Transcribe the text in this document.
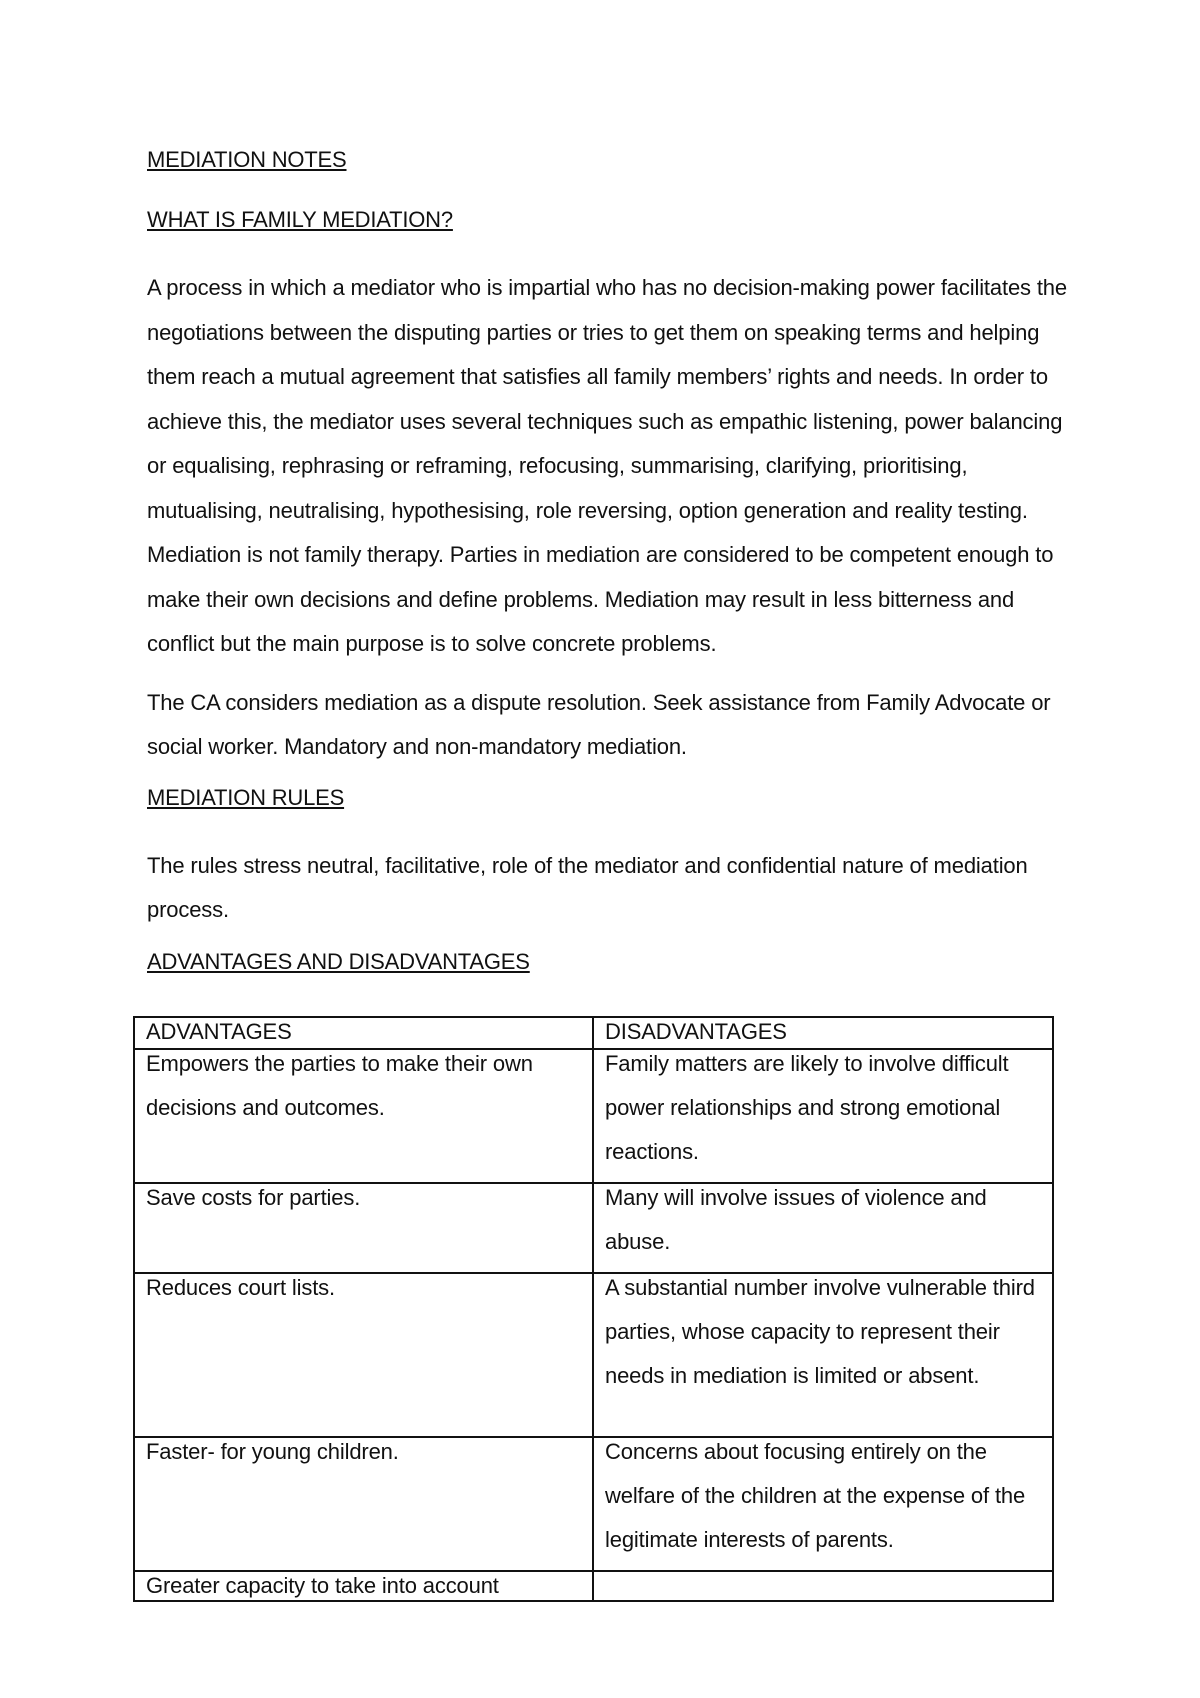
MEDIATION NOTES

WHAT IS FAMILY MEDIATION?

A process in which a mediator who is impartial who has no decision-making power facilitates the negotiations between the disputing parties or tries to get them on speaking terms and helping them reach a mutual agreement that satisfies all family members’ rights and needs. In order to achieve this, the mediator uses several techniques such as empathic listening, power balancing or equalising, rephrasing or reframing, refocusing, summarising, clarifying, prioritising, mutualising, neutralising, hypothesising, role reversing, option generation and reality testing. Mediation is not family therapy. Parties in mediation are considered to be competent enough to make their own decisions and define problems. Mediation may result in less bitterness and conflict but the main purpose is to solve concrete problems.

The CA considers mediation as a dispute resolution. Seek assistance from Family Advocate or social worker. Mandatory and non-mandatory mediation.

MEDIATION RULES

The rules stress neutral, facilitative, role of the mediator and confidential nature of mediation process.

ADVANTAGES AND DISADVANTAGES

ADVANTAGES	DISADVANTAGES

Empowers the parties to make their own decisions and outcomes.	Family matters are likely to involve difficult power relationships and strong emotional reactions.

Save costs for parties.	Many will involve issues of violence and abuse.

Reduces court lists.	A substantial number involve vulnerable third parties, whose capacity to represent their needs in mediation is limited or absent.

Faster- for young children.	Concerns about focusing entirely on the welfare of the children at the expense of the legitimate interests of parents.

Greater capacity to take into account	
